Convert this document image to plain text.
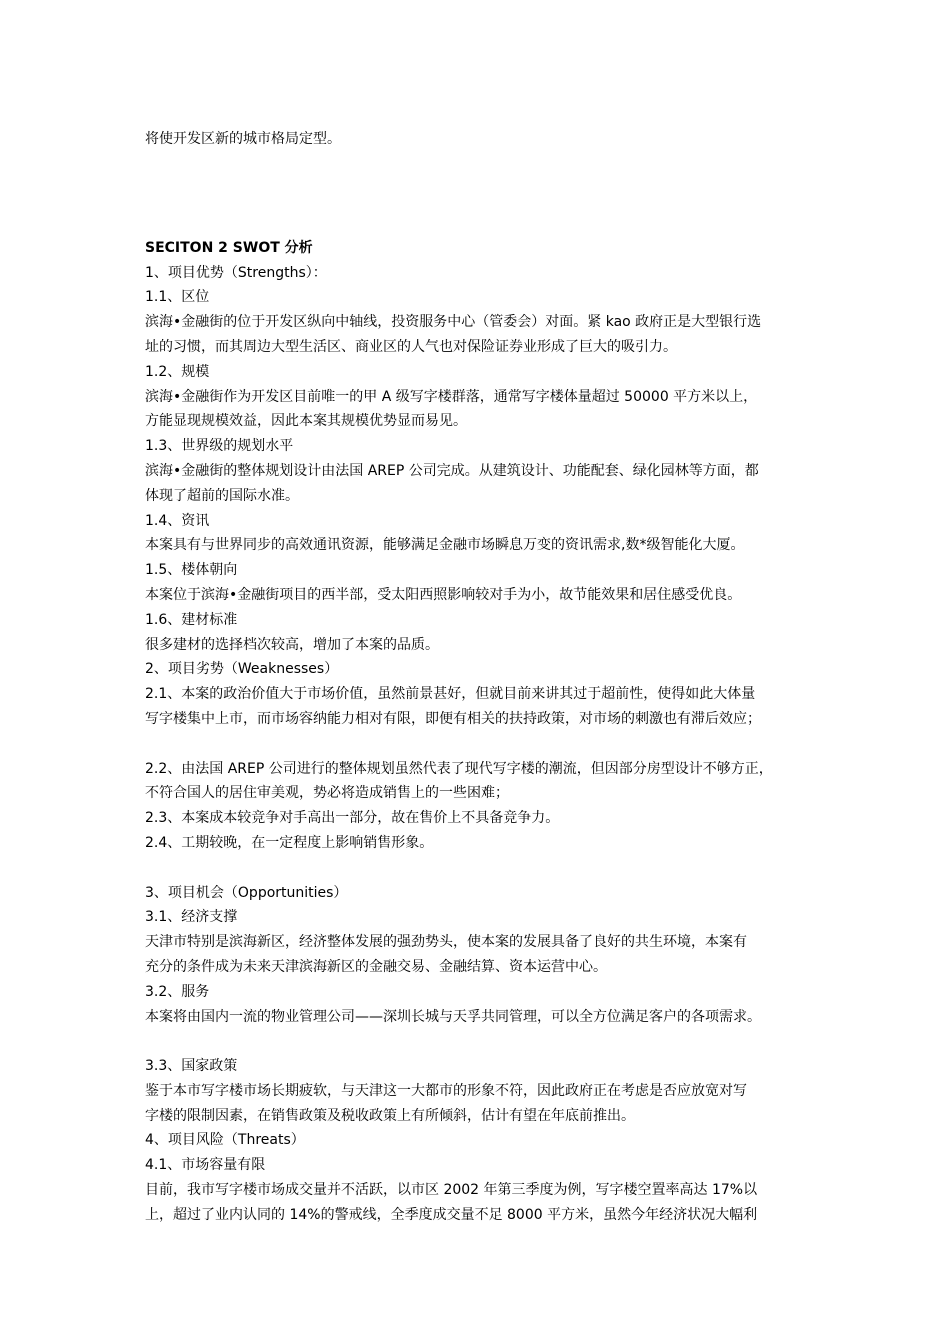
将使开发区新的城市格局定型。
SECITON 2 SWOT 分析
1、项目优势（Strengths）：
1.1、区位
滨海•金融街的位于开发区纵向中轴线，投资服务中心（管委会）对面。紧 kao 政府正是大型银行选
址的习惯，而其周边大型生活区、商业区的人气也对保险证券业形成了巨大的吸引力。
1.2、规模
滨海•金融街作为开发区目前唯一的甲 A 级写字楼群落，通常写字楼体量超过 50000 平方米以上，
方能显现规模效益，因此本案其规模优势显而易见。
1.3、世界级的规划水平
滨海•金融街的整体规划设计由法国 AREP 公司完成。从建筑设计、功能配套、绿化园林等方面，都
体现了超前的国际水准。
1.4、资讯
本案具有与世界同步的高效通讯资源，能够满足金融市场瞬息万变的资讯需求,数*级智能化大厦。
1.5、楼体朝向
本案位于滨海•金融街项目的西半部，受太阳西照影响较对手为小，故节能效果和居住感受优良。
1.6、建材标准
很多建材的选择档次较高，增加了本案的品质。
2、项目劣势（Weaknesses）
2.1、本案的政治价值大于市场价值，虽然前景甚好，但就目前来讲其过于超前性，使得如此大体量
写字楼集中上市，而市场容纳能力相对有限，即便有相关的扶持政策，对市场的刺激也有滞后效应；
2.2、由法国 AREP 公司进行的整体规划虽然代表了现代写字楼的潮流，但因部分房型设计不够方正，
不符合国人的居住审美观，势必将造成销售上的一些困难；
2.3、本案成本较竞争对手高出一部分，故在售价上不具备竞争力。
2.4、工期较晚，在一定程度上影响销售形象。
3、项目机会（Opportunities）
3.1、经济支撑
天津市特别是滨海新区，经济整体发展的强劲势头，使本案的发展具备了良好的共生环境，本案有
充分的条件成为未来天津滨海新区的金融交易、金融结算、资本运营中心。
3.2、服务
本案将由国内一流的物业管理公司——深圳长城与天孚共同管理，可以全方位满足客户的各项需求。
3.3、国家政策
鉴于本市写字楼市场长期疲软，与天津这一大都市的形象不符，因此政府正在考虑是否应放宽对写
字楼的限制因素，在销售政策及税收政策上有所倾斜，估计有望在年底前推出。
4、项目风险（Threats）
4.1、市场容量有限
目前，我市写字楼市场成交量并不活跃，以市区 2002 年第三季度为例，写字楼空置率高达 17%以
上，超过了业内认同的 14%的警戒线，全季度成交量不足 8000 平方米，虽然今年经济状况大幅利
